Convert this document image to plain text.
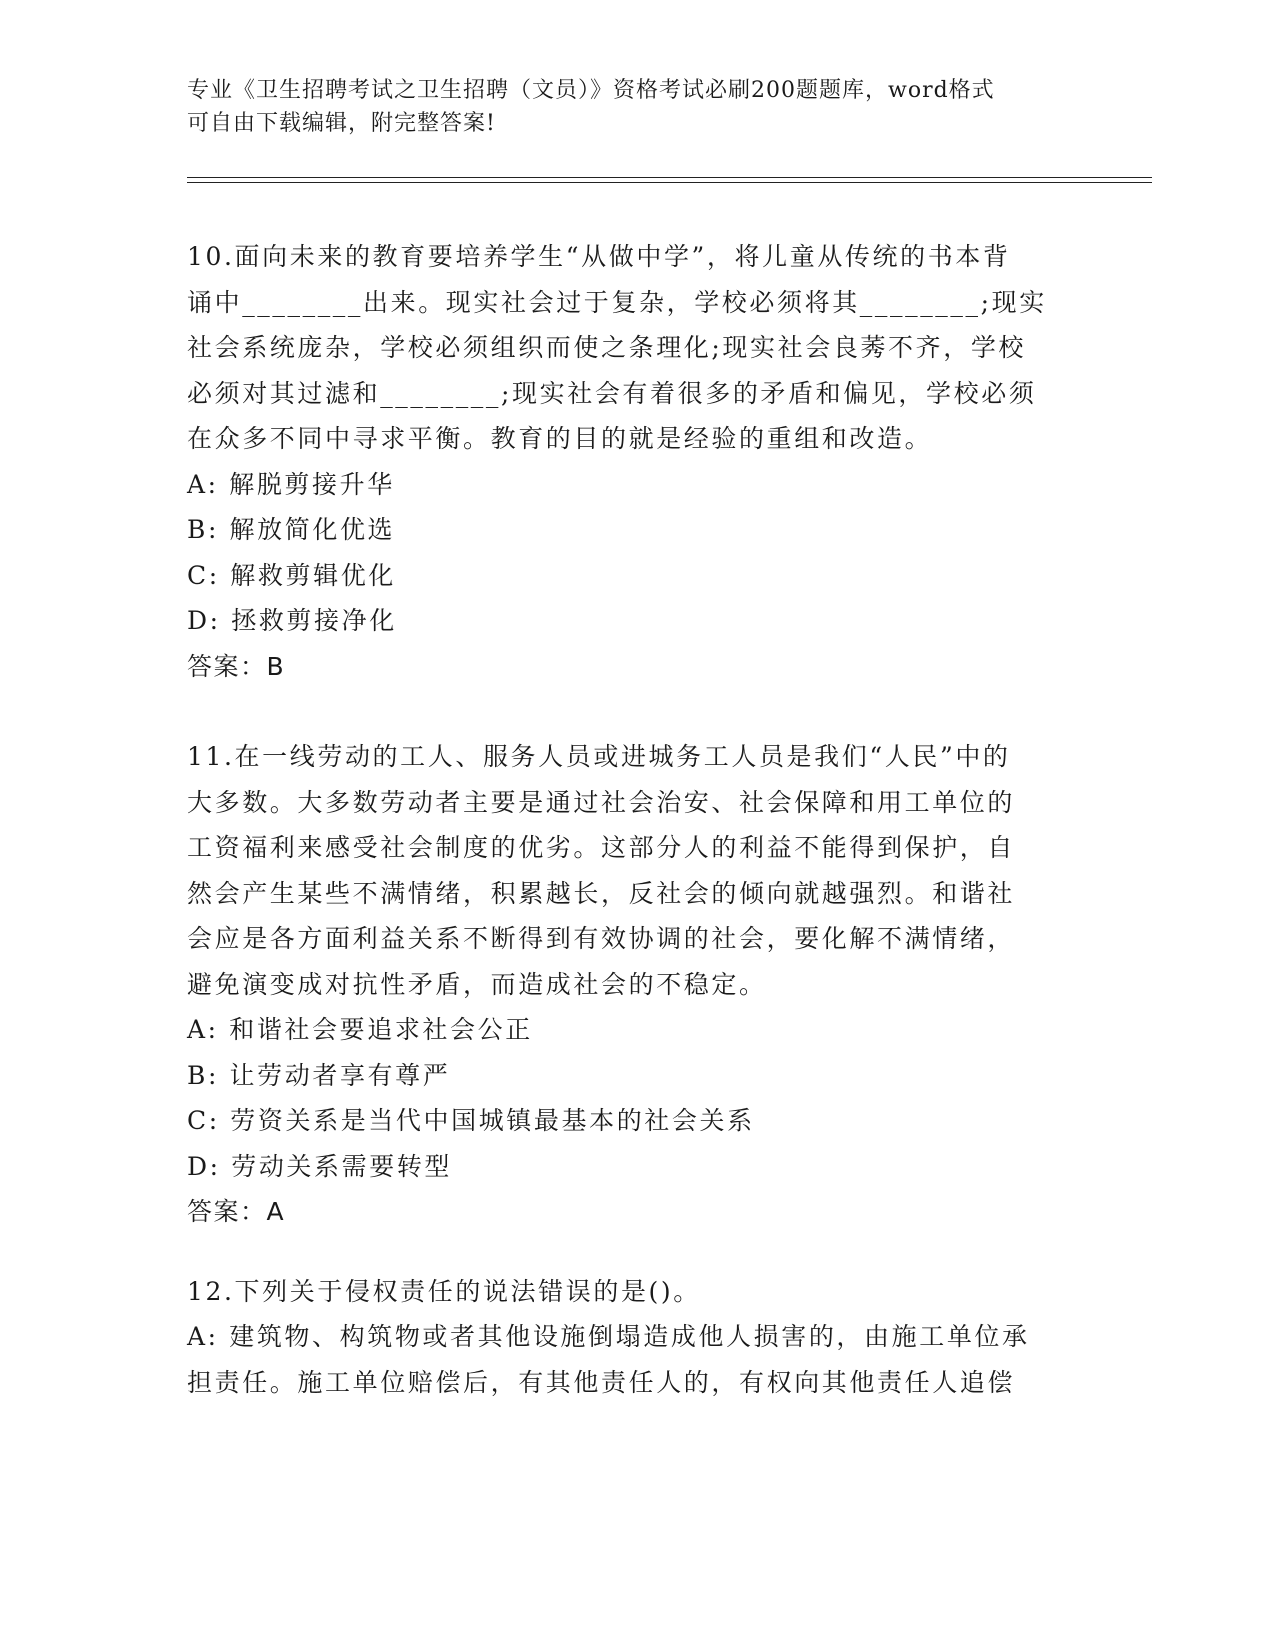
专业《卫生招聘考试之卫生招聘（文员）》资格考试必刷200题题库，word格式
可自由下载编辑，附完整答案!
10.面向未来的教育要培养学生“从做中学”，将儿童从传统的书本背
诵中________出来。现实社会过于复杂，学校必须将其________;现实
社会系统庞杂，学校必须组织而使之条理化;现实社会良莠不齐，学校
必须对其过滤和________;现实社会有着很多的矛盾和偏见，学校必须
在众多不同中寻求平衡。教育的目的就是经验的重组和改造。
A: 解脱剪接升华
B: 解放简化优选
C: 解救剪辑优化
D: 拯救剪接净化
答案：B
11.在一线劳动的工人、服务人员或进城务工人员是我们“人民”中的
大多数。大多数劳动者主要是通过社会治安、社会保障和用工单位的
工资福利来感受社会制度的优劣。这部分人的利益不能得到保护，自
然会产生某些不满情绪，积累越长，反社会的倾向就越强烈。和谐社
会应是各方面利益关系不断得到有效协调的社会，要化解不满情绪，
避免演变成对抗性矛盾，而造成社会的不稳定。
A: 和谐社会要追求社会公正
B: 让劳动者享有尊严
C: 劳资关系是当代中国城镇最基本的社会关系
D: 劳动关系需要转型
答案：A
12.下列关于侵权责任的说法错误的是()。
A: 建筑物、构筑物或者其他设施倒塌造成他人损害的，由施工单位承
担责任。施工单位赔偿后，有其他责任人的，有权向其他责任人追偿
